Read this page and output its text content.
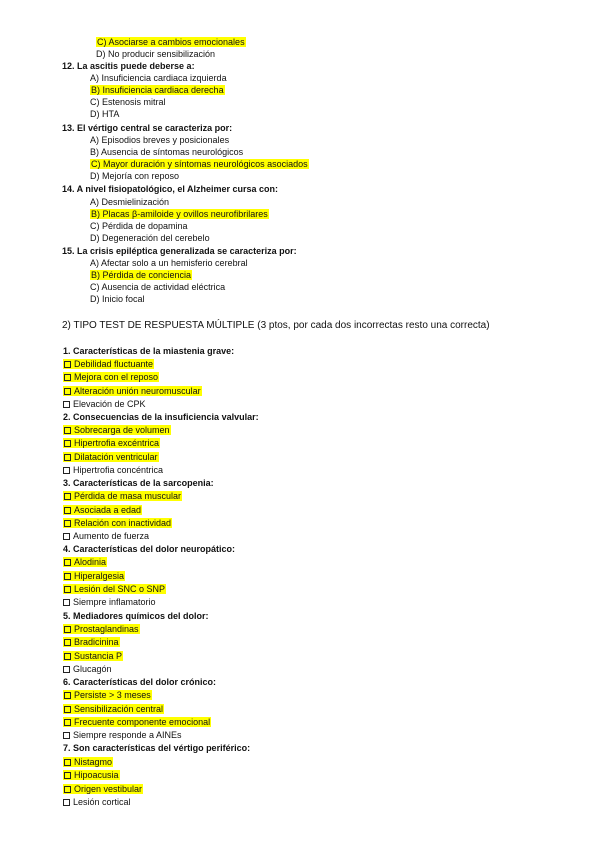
C) Asociarse a cambios emocionales
D) No producir sensibilización
12. La ascitis puede deberse a:
A) Insuficiencia cardiaca izquierda
B) Insuficiencia cardiaca derecha
C) Estenosis mitral
D) HTA
13. El vértigo central se caracteriza por:
A) Episodios breves y posicionales
B) Ausencia de síntomas neurológicos
C) Mayor duración y síntomas neurológicos asociados
D) Mejoría con reposo
14. A nivel fisiopatológico, el Alzheimer cursa con:
A) Desmielinización
B) Placas β-amiloide y ovillos neurofibrilares
C) Pérdida de dopamina
D) Degeneración del cerebelo
15. La crisis epiléptica generalizada se caracteriza por:
A) Afectar solo a un hemisferio cerebral
B) Pérdida de conciencia
C) Ausencia de actividad eléctrica
D) Inicio focal
2) TIPO TEST DE RESPUESTA MÚLTIPLE (3 ptos, por cada dos incorrectas resto una correcta)
1. Características de la miastenia grave:
Debilidad fluctuante
Mejora con el reposo
Alteración unión neuromuscular
Elevación de CPK
2. Consecuencias de la insuficiencia valvular:
Sobrecarga de volumen
Hipertrofia excéntrica
Dilatación ventricular
Hipertrofia concéntrica
3. Características de la sarcopenia:
Pérdida de masa muscular
Asociada a edad
Relación con inactividad
Aumento de fuerza
4. Características del dolor neuropático:
Alodinia
Hiperalgesia
Lesión del SNC o SNP
Siempre inflamatorio
5. Mediadores químicos del dolor:
Prostaglandinas
Bradicinina
Sustancia P
Glucagón
6. Características del dolor crónico:
Persiste > 3 meses
Sensibilización central
Frecuente componente emocional
Siempre responde a AINEs
7. Son características del vértigo periférico:
Nistagmo
Hipoacusia
Origen vestibular
Lesión cortical
